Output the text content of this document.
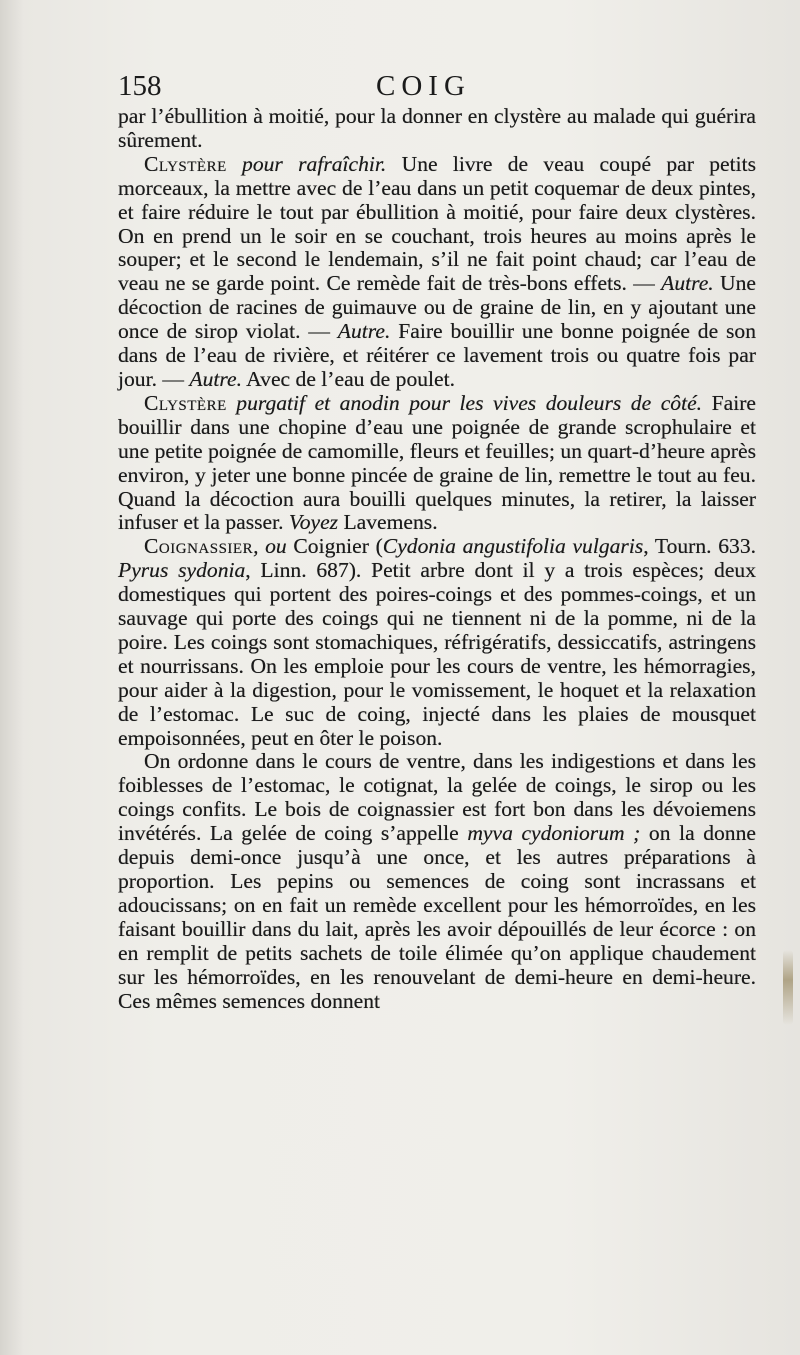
158	COIG

par l’ébullition à moitié, pour la donner en clystère au malade qui guérira sûrement.

Clystère pour rafraîchir. Une livre de veau coupé par petits morceaux, la mettre avec de l’eau dans un petit coquemar de deux pintes, et faire réduire le tout par ébullition à moitié, pour faire deux clystères. On en prend un le soir en se couchant, trois heures au moins après le souper; et le second le lendemain, s’il ne fait point chaud; car l’eau de veau ne se garde point. Ce remède fait de très-bons effets. — Autre. Une décoction de racines de guimauve ou de graine de lin, en y ajoutant une once de sirop violat. — Autre. Faire bouillir une bonne poignée de son dans de l’eau de rivière, et réitérer ce lavement trois ou quatre fois par jour. — Autre. Avec de l’eau de poulet.

Clystère purgatif et anodin pour les vives douleurs de côté. Faire bouillir dans une chopine d’eau une poignée de grande scrophulaire et une petite poignée de camomille, fleurs et feuilles; un quart-d’heure après environ, y jeter une bonne pincée de graine de lin, remettre le tout au feu. Quand la décoction aura bouilli quelques minutes, la retirer, la laisser infuser et la passer. Voyez Lavemens.

Coignassier, ou Coignier (Cydonia angustifolia vulgaris, Tourn. 633. Pyrus sydonia, Linn. 687). Petit arbre dont il y a trois espèces; deux domestiques qui portent des poires-coings et des pommes-coings, et un sauvage qui porte des coings qui ne tiennent ni de la pomme, ni de la poire. Les coings sont stomachiques, réfrigératifs, dessiccatifs, astringens et nourrissans. On les emploie pour les cours de ventre, les hémorragies, pour aider à la digestion, pour le vomissement, le hoquet et la relaxation de l’estomac. Le suc de coing, injecté dans les plaies de mousquet empoisonnées, peut en ôter le poison.

On ordonne dans le cours de ventre, dans les indigestions et dans les foiblesses de l’estomac, le cotignat, la gelée de coings, le sirop ou les coings confits. Le bois de coignassier est fort bon dans les dévoiemens invétérés. La gelée de coing s’appelle myva cydoniorum ; on la donne depuis demi-once jusqu’à une once, et les autres préparations à proportion. Les pepins ou semences de coing sont incrassans et adoucissans; on en fait un remède excellent pour les hémorroïdes, en les faisant bouillir dans du lait, après les avoir dépouillés de leur écorce : on en remplit de petits sachets de toile élimée qu’on applique chaudement sur les hémorroïdes, en les renouvelant de demi-heure en demi-heure. Ces mêmes semences donnent
